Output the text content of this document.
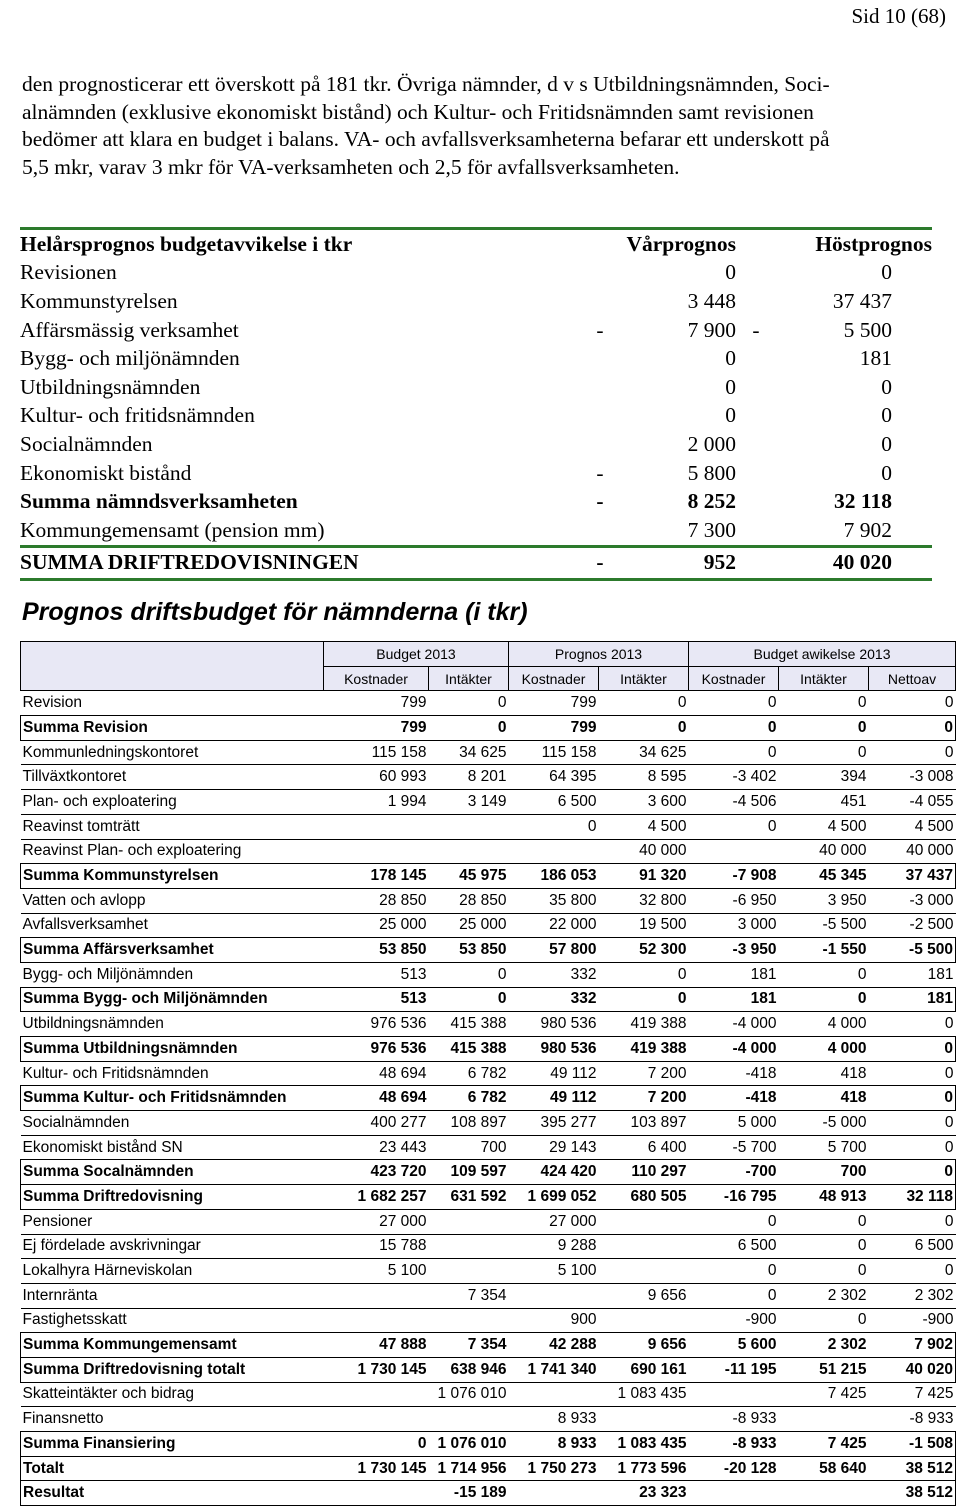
Sid 10 (68)

den prognosticerar ett överskott på 181 tkr. Övriga nämnder, d v s Utbildningsnämnden, Soci-

alnämnden (exklusive ekonomiskt bistånd) och Kultur- och Fritidsnämnden samt revisionen

bedömer att klara en budget i balans. VA- och avfallsverksamheterna befarar ett underskott på

5,5 mkr, varav 3 mkr för VA-verksamheten och 2,5 för avfallsverksamheten.

Helårsprognos budgetavvikelse i tkr	Vårprognos	Höstprognos
Revisionen	0	0
Kommunstyrelsen	3 448	37 437
Affärsmässig verksamhet	-	7 900 -	5 500
Bygg- och miljönämnden	0	181
Utbildningsnämnden	0	0
Kultur- och fritidsnämnden	0	0
Socialnämnden	2 000	0
Ekonomiskt bistånd	-	5 800	0
Summa nämndsverksamheten	-	8 252	32 118
Kommungemensamt (pension mm)	7 300	7 902
SUMMA DRIFTREDOVISNINGEN	-	952	40 020
Prognos driftsbudget för nämnderna (i tkr)
	Budget 2013		Prognos 2013		Budget awikelse 2013		
	Kostnader	Intäkter	Kostnader	Intäkter	Kostnader	Intäkter	Nettoav
Revision	799	0	799	0	0	0	0
Summa Revision	799	0	799	0	0	0	0
Kommunledningskontoret	115 158	34 625	115 158	34 625	0	0	0
Tillväxtkontoret	60 993	8 201	64 395	8 595	-3 402	394	-3 008
Plan- och exploatering	1 994	3 149	6 500	3 600	-4 506	451	-4 055
Reavinst tomträtt			0	4 500	0	4 500	4 500
Reavinst Plan- och exploatering				40 000		40 000	40 000
Summa Kommunstyrelsen	178 145	45 975	186 053	91 320	-7 908	45 345	37 437
Vatten och avlopp	28 850	28 850	35 800	32 800	-6 950	3 950	-3 000
Avfallsverksamhet	25 000	25 000	22 000	19 500	3 000	-5 500	-2 500
Summa Affärsverksamhet	53 850	53 850	57 800	52 300	-3 950	-1 550	-5 500
Bygg- och Miljönämnden	513	0	332	0	181	0	181
Summa Bygg- och Miljönämnden	513	0	332	0	181	0	181
Utbildningsnämnden	976 536	415 388	980 536	419 388	-4 000	4 000	0
Summa Utbildningsnämnden	976 536	415 388	980 536	419 388	-4 000	4 000	0
Kultur- och Fritidsnämnden	48 694	6 782	49 112	7 200	-418	418	0
Summa Kultur- och Fritidsnämnden	48 694	6 782	49 112	7 200	-418	418	0
Socialnämnden	400 277	108 897	395 277	103 897	5 000	-5 000	0
Ekonomiskt bistånd SN	23 443	700	29 143	6 400	-5 700	5 700	0
Summa Socalnämnden	423 720	109 597	424 420	110 297	-700	700	0
Summa Driftredovisning	1 682 257	631 592	1 699 052	680 505	-16 795	48 913	32 118
Pensioner	27 000		27 000		0	0	0
Ej fördelade avskrivningar	15 788		9 288		6 500	0	6 500
Lokalhyra Härneviskolan	5 100		5 100		0	0	0
Internränta		7 354		9 656	0	2 302	2 302
Fastighetsskatt			900		-900	0	-900
Summa Kommungemensamt	47 888	7 354	42 288	9 656	5 600	2 302	7 902
Summa Driftredovisning totalt	1 730 145	638 946	1 741 340	690 161	-11 195	51 215	40 020
Skatteintäkter och bidrag		1 076 010		1 083 435		7 425	7 425
Finansnetto			8 933		-8 933		-8 933
Summa Finansiering	0	1 076 010	8 933	1 083 435	-8 933	7 425	-1 508
Totalt	1 730 145	1 714 956	1 750 273	1 773 596	-20 128	58 640	38 512
Resultat		-15 189		23 323			38 512
